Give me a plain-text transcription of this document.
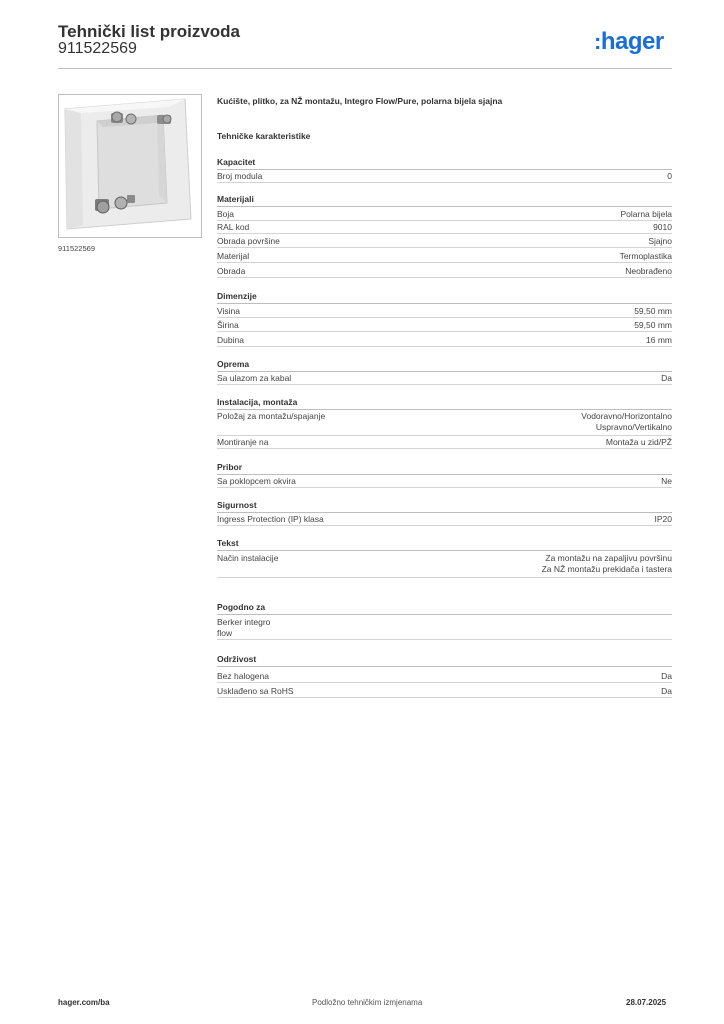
Tehnički list proizvoda
911522569	:hager
911522569
Kućište, plitko, za NŽ montažu, Integro Flow/Pure, polarna bijela sjajna
Tehničke karakteristike
Kapacitet
Broj modula	0
Materijali
Boja	Polarna bijela
RAL kod	9010
Obrada površine	Sjajno
Materijal	Termoplastika
Obrada	Neobrađeno
Dimenzije
Visina	59,50 mm
Širina	59,50 mm
Dubina	16 mm
Oprema
Sa ulazom za kabal	Da
Instalacija, montaža
Položaj za montažu/spajanje	Vodoravno/Horizontalno
Uspravno/Vertikalno
Montiranje na	Montaža u zid/PŽ
Pribor
Sa poklopcem okvira	Ne
Sigurnost
Ingress Protection (IP) klasa	IP20
Tekst
Način instalacije	Za montažu na zapaljivu površinu
Za NŽ montažu prekidača i tastera
Pogodno za
Berker integro
flow
Održivost
Bez halogena	Da
Usklađeno sa RoHS	Da
hager.com/ba	Podložno tehničkim izmjenama	28.07.2025
